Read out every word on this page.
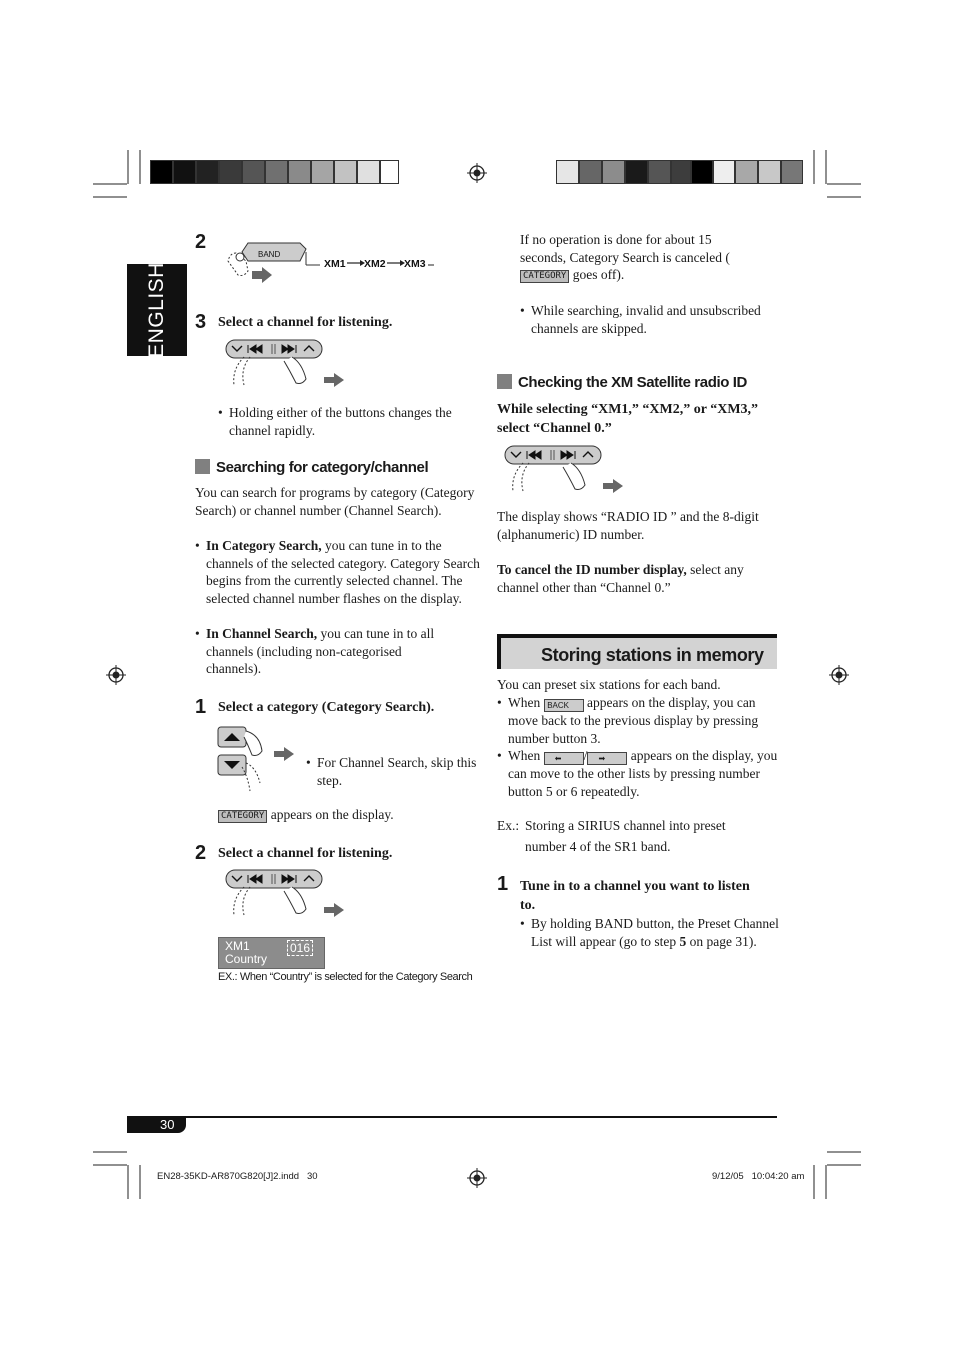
ENGLISH
2
BAND
XM1 XM2 XM3
3 Select a channel for listening.
• Holding either of the buttons changes the channel rapidly.
Searching for category/channel
You can search for programs by category (Category Search) or channel number (Channel Search).
• In Category Search, you can tune in to the channels of the selected category. Category Search begins from the currently selected channel. The selected channel number flashes on the display.
• In Channel Search, you can tune in to all channels (including non-categorised channels).
1 Select a category (Category Search).
• For Channel Search, skip this step.
CATEGORY appears on the display.
2 Select a channel for listening.
XM1
Country
016
EX.: When “Country” is selected for the Category Search
If no operation is done for about 15 seconds, Category Search is canceled (CATEGORY goes off).
• While searching, invalid and unsubscribed channels are skipped.
Checking the XM Satellite radio ID
While selecting “XM1,” “XM2,” or “XM3,” select “Channel 0.”
The display shows “RADIO ID ” and the 8-digit (alphanumeric) ID number.
To cancel the ID number display, select any channel other than “Channel 0.”
Storing stations in memory
You can preset six stations for each band.
• When BACK appears on the display, you can move back to the previous display by pressing number button 3.
• When ⬅ / ➡ appears on the display, you can move to the other lists by pressing number button 5 or 6 repeatedly.
Ex.: Storing a SIRIUS channel into preset
number 4 of the SR1 band.
1 Tune in to a channel you want to listen to.
• By holding BAND button, the Preset Channel List will appear (go to step 5 on page 31).
30
EN28-35KD-AR870G820[J]2.indd   30	9/12/05   10:04:20 am
